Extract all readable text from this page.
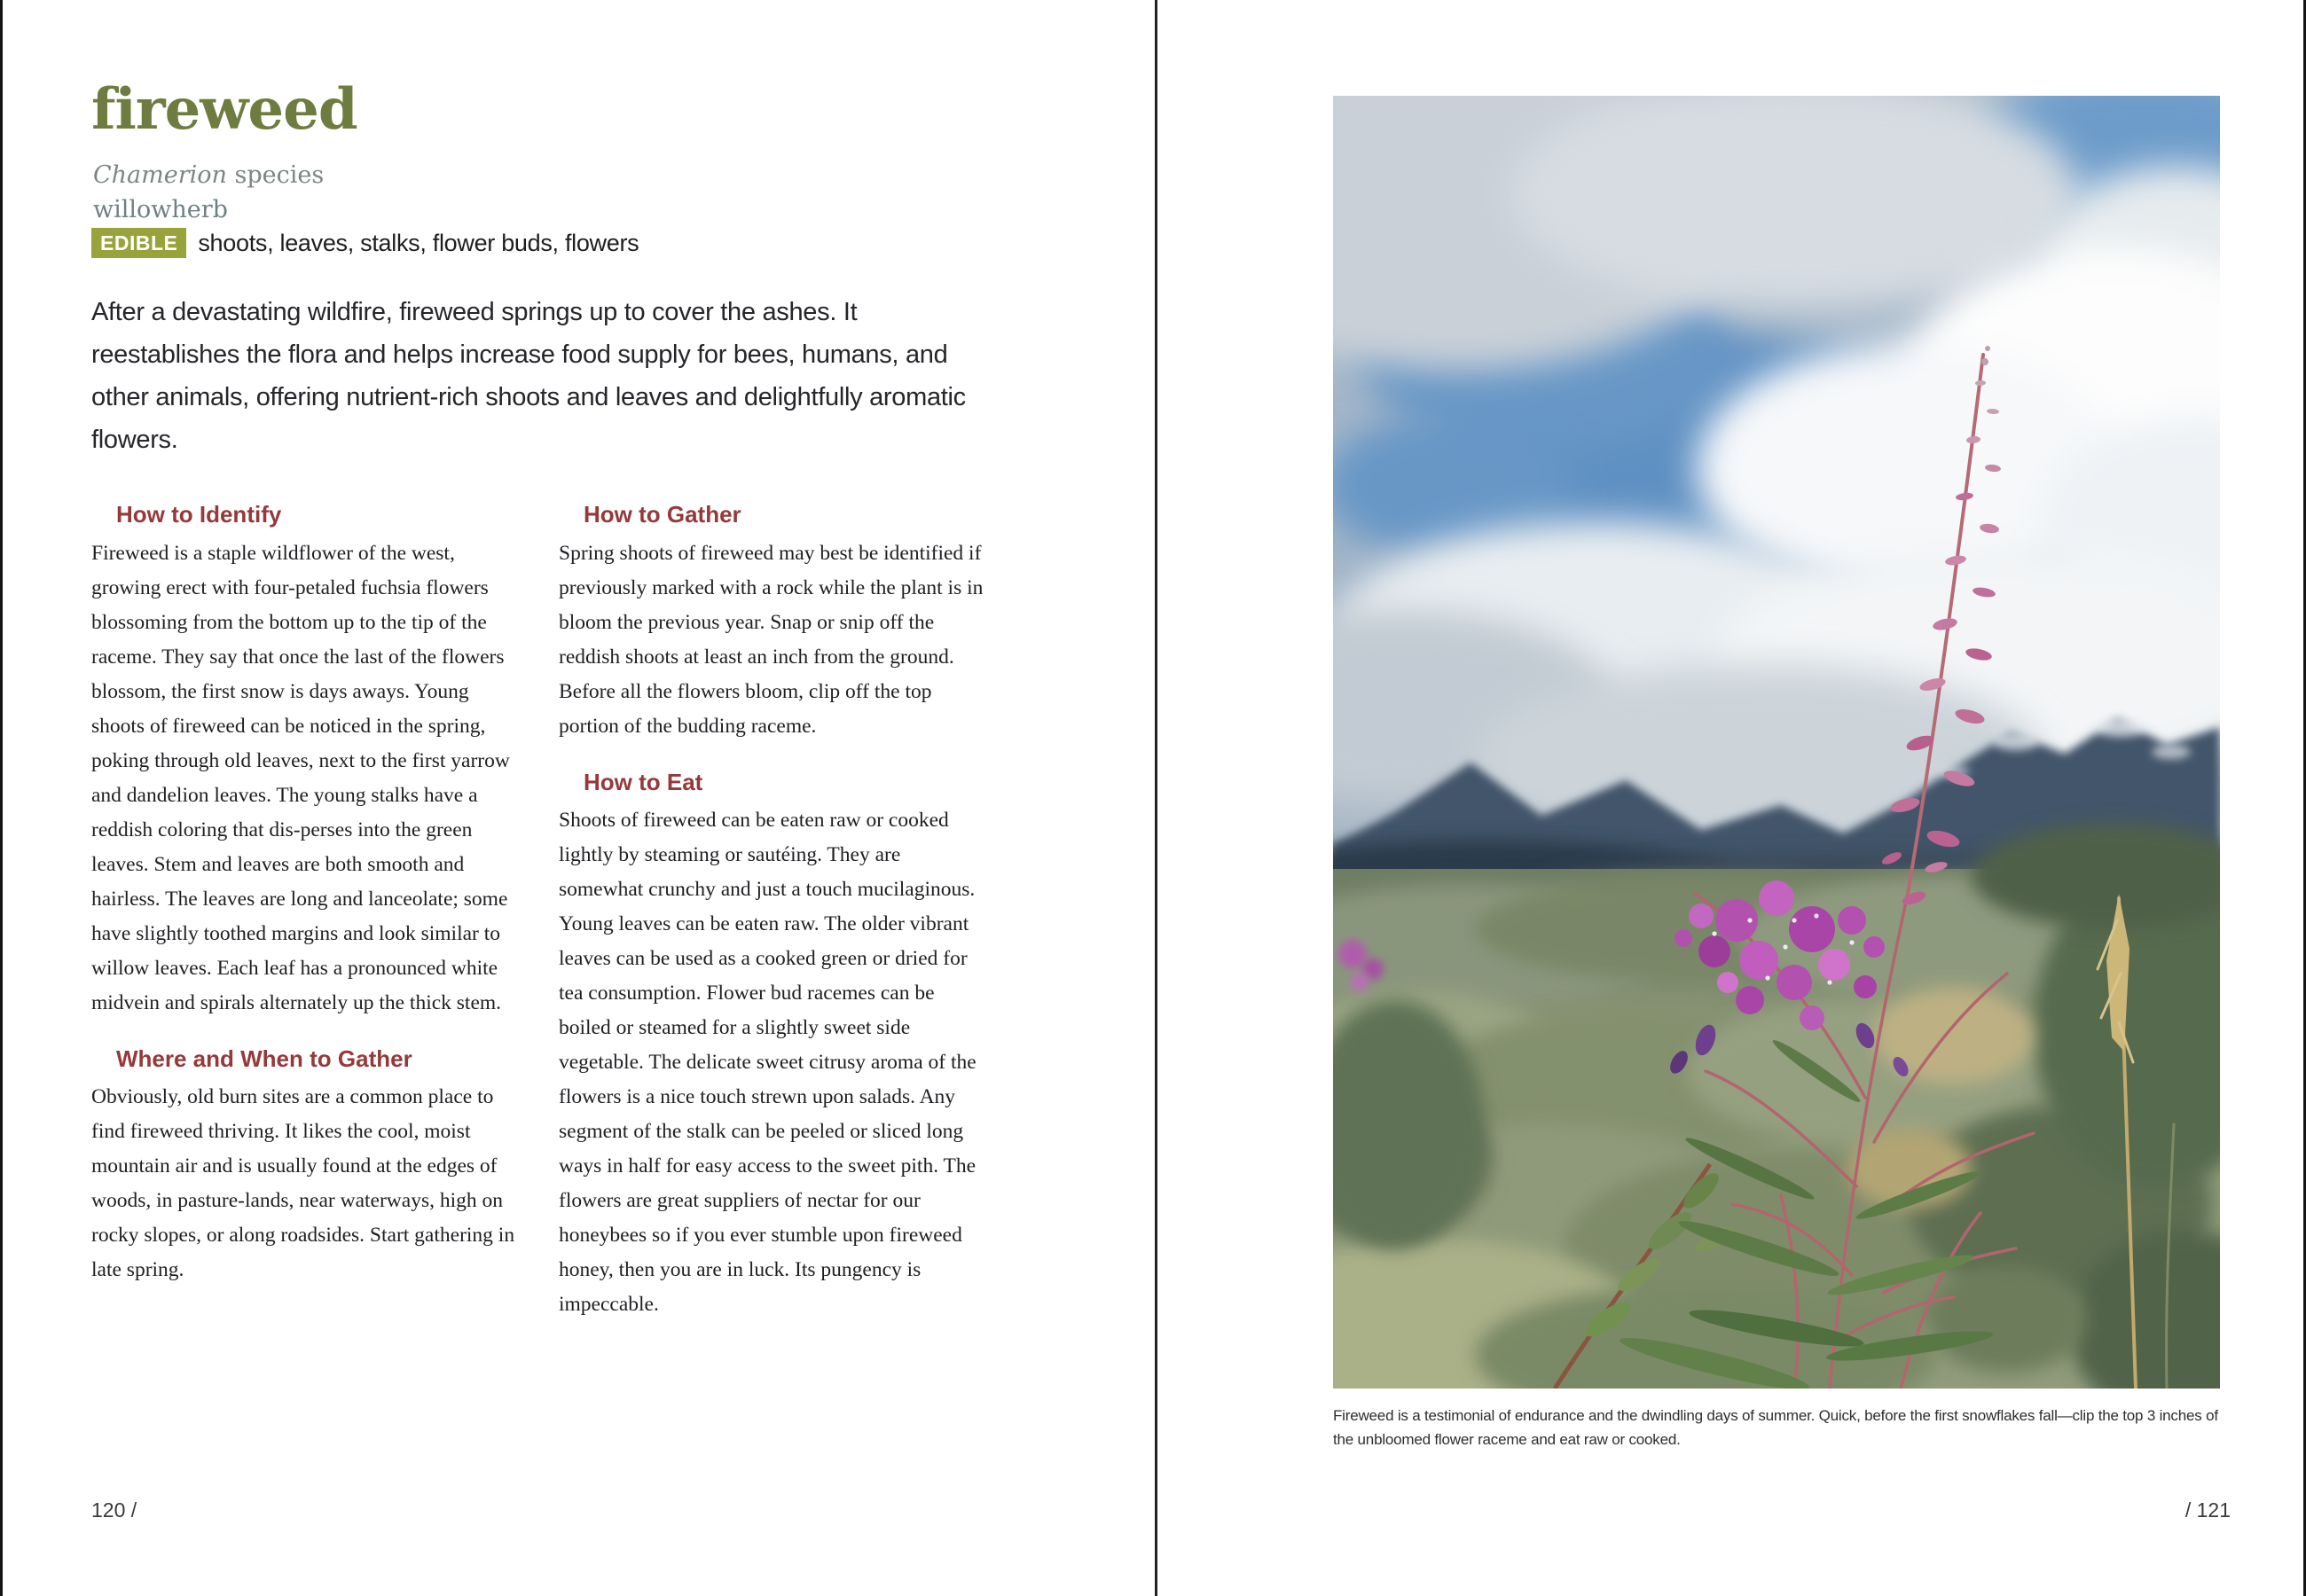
fireweed
Chamerion species
willowherb
EDIBLE shoots, leaves, stalks, flower buds, flowers

After a devastating wildfire, fireweed springs up to cover the ashes. It reestablishes the flora and helps increase food supply for bees, humans, and other animals, offering nutrient-rich shoots and leaves and delightfully aromatic flowers.

How to Identify

Fireweed is a staple wildflower of the west, growing erect with four-petaled fuchsia flowers blossoming from the bottom up to the tip of the raceme. They say that once the last of the flowers blossom, the first snow is days aways. Young shoots of fireweed can be noticed in the spring, poking through old leaves, next to the first yarrow and dandelion leaves. The young stalks have a reddish coloring that dis-perses into the green leaves. Stem and leaves are both smooth and hairless. The leaves are long and lanceolate; some have slightly toothed margins and look similar to willow leaves. Each leaf has a pronounced white midvein and spirals alternately up the thick stem.

Where and When to Gather

Obviously, old burn sites are a common place to find fireweed thriving. It likes the cool, moist mountain air and is usually found at the edges of woods, in pasture-lands, near waterways, high on rocky slopes, or along roadsides. Start gathering in late spring.

How to Gather

Spring shoots of fireweed may best be identified if previously marked with a rock while the plant is in bloom the previous year. Snap or snip off the reddish shoots at least an inch from the ground. Before all the flowers bloom, clip off the top portion of the budding raceme.

How to Eat

Shoots of fireweed can be eaten raw or cooked lightly by steaming or sautéing. They are somewhat crunchy and just a touch mucilaginous. Young leaves can be eaten raw. The older vibrant leaves can be used as a cooked green or dried for tea consumption. Flower bud racemes can be boiled or steamed for a slightly sweet side vegetable. The delicate sweet citrusy aroma of the flowers is a nice touch strewn upon salads. Any segment of the stalk can be peeled or sliced long ways in half for easy access to the sweet pith. The flowers are great suppliers of nectar for our honeybees so if you ever stumble upon fireweed honey, then you are in luck. Its pungency is impeccable.

120 /

Fireweed is a testimonial of endurance and the dwindling days of summer. Quick, before the first snowflakes fall—clip the top 3 inches of the unbloomed flower raceme and eat raw or cooked.

/ 121
